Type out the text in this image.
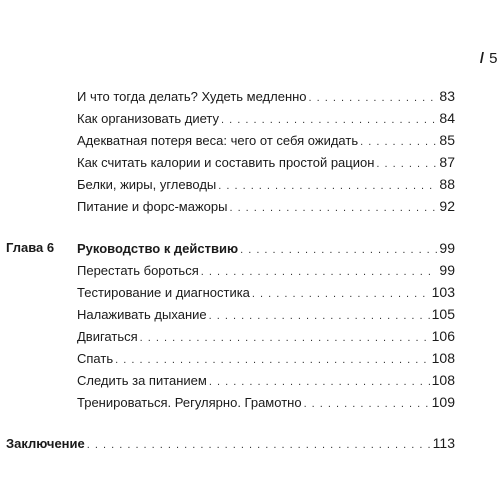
/ 5
И что тогда делать? Худеть медленно . . .	83
Как организовать диету . . .	84
Адекватная потеря веса: чего от себя ожидать . . .	85
Как считать калории и составить простой рацион . . .	87
Белки, жиры, углеводы . . .	88
Питание и форс-мажоры . . .	92
Глава 6 Руководство к действию . . .	99
Перестать бороться . . .	99
Тестирование и диагностика . . .	103
Налаживать дыхание . . .	105
Двигаться . . .	106
Спать . . .	108
Следить за питанием . . .	108
Тренироваться. Регулярно. Грамотно . . .	109
Заключение . . .	113
